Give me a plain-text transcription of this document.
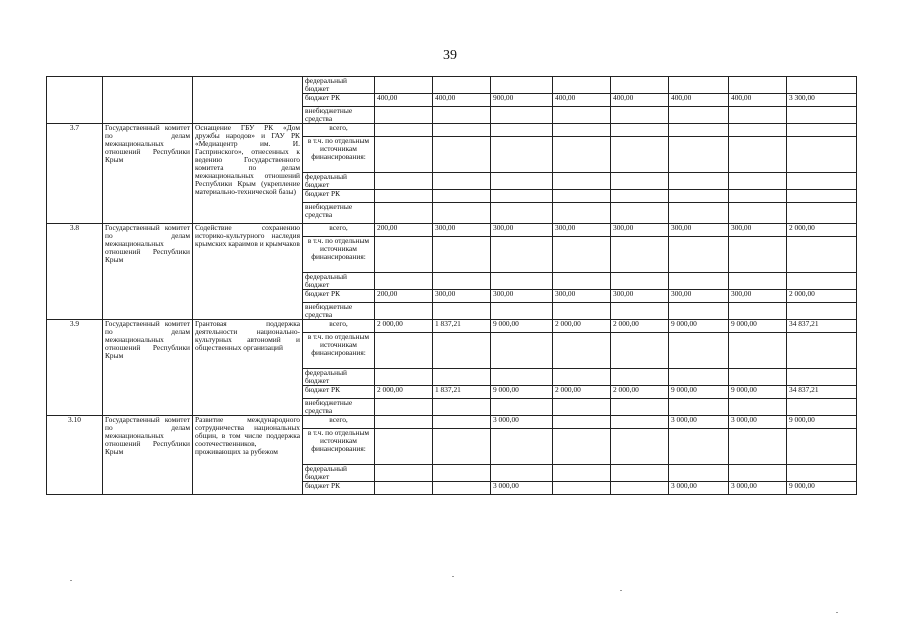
39
			федеральный бюджет								
			бюджет РК	400,00	400,00	900,00	400,00	400,00	400,00	400,00	3 300,00
			внебюджетные средства								
3.7	Государственный комитет по делам межнациональных отношений Республики Крым	Оснащение ГБУ РК «Дом дружбы народов» и ГАУ РК «Медиацентр им. И. Гаспринского», отнесенных к ведению Государственного комитета по делам межнациональных отношений Республики Крым (укрепление материально-технической базы)	всего,								
			в т.ч. по отдельным источникам финансирования:								
			федеральный бюджет								
			бюджет РК								
			внебюджетные средства								
3.8	Государственный комитет по делам межнациональных отношений Республики Крым	Содействие сохранению историко-культурного наследия крымских караимов и крымчаков	всего,	200,00	300,00	300,00	300,00	300,00	300,00	300,00	2 000,00
			в т.ч. по отдельным источникам финансирования:								
			федеральный бюджет								
			бюджет РК	200,00	300,00	300,00	300,00	300,00	300,00	300,00	2 000,00
			внебюджетные средства								
3.9	Государственный комитет по делам межнациональных отношений Республики Крым	Грантовая поддержка деятельности национально-культурных автономий и общественных организаций	всего,	2 000,00	1 837,21	9 000,00	2 000,00	2 000,00	9 000,00	9 000,00	34 837,21
			в т.ч. по отдельным источникам финансирования:								
			федеральный бюджет								
			бюджет РК	2 000,00	1 837,21	9 000,00	2 000,00	2 000,00	9 000,00	9 000,00	34 837,21
			внебюджетные средства								
3.10	Государственный комитет по делам межнациональных отношений Республики Крым	Развитие международного сотрудничества национальных общин, в том числе поддержка соотечественников, проживающих за рубежом	всего,			3 000,00			3 000,00	3 000,00	9 000,00
			в т.ч. по отдельным источникам финансирования:								
			федеральный бюджет								
			бюджет РК			3 000,00			3 000,00	3 000,00	9 000,00
